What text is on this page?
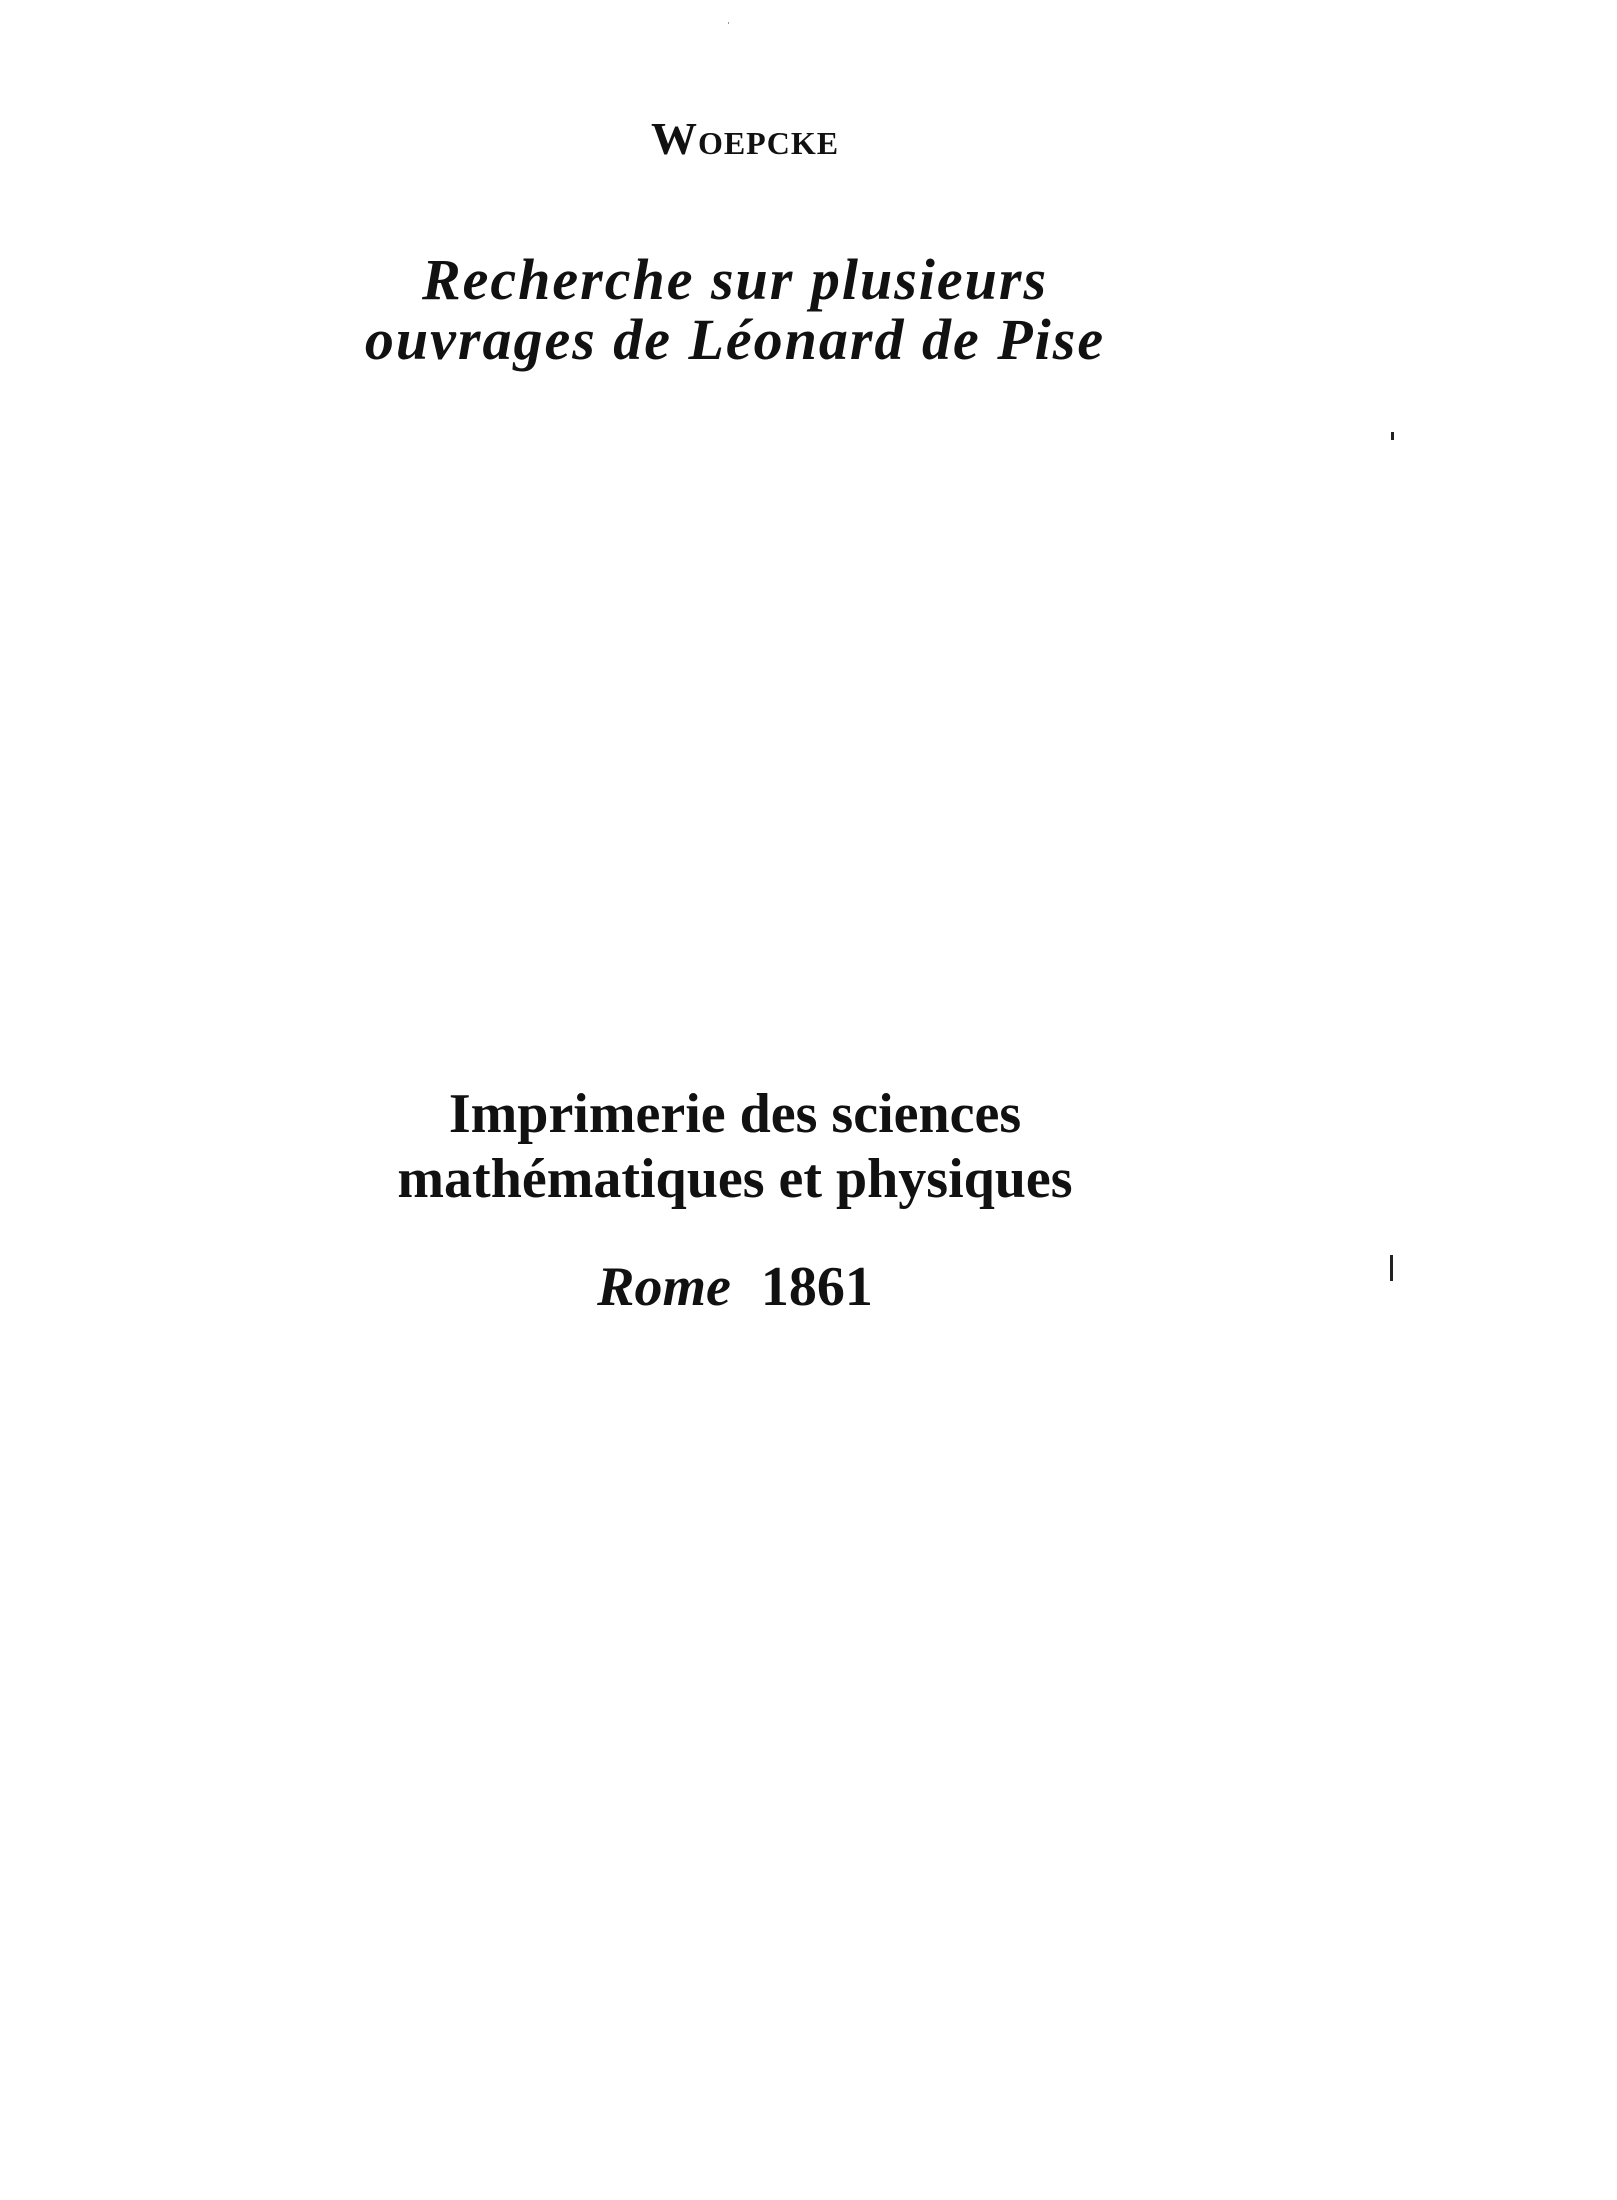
Woepcke
Recherche sur plusieurs
ouvrages de Léonard de Pise
Imprimerie des sciences
mathématiques et physiques
Rome 1861
